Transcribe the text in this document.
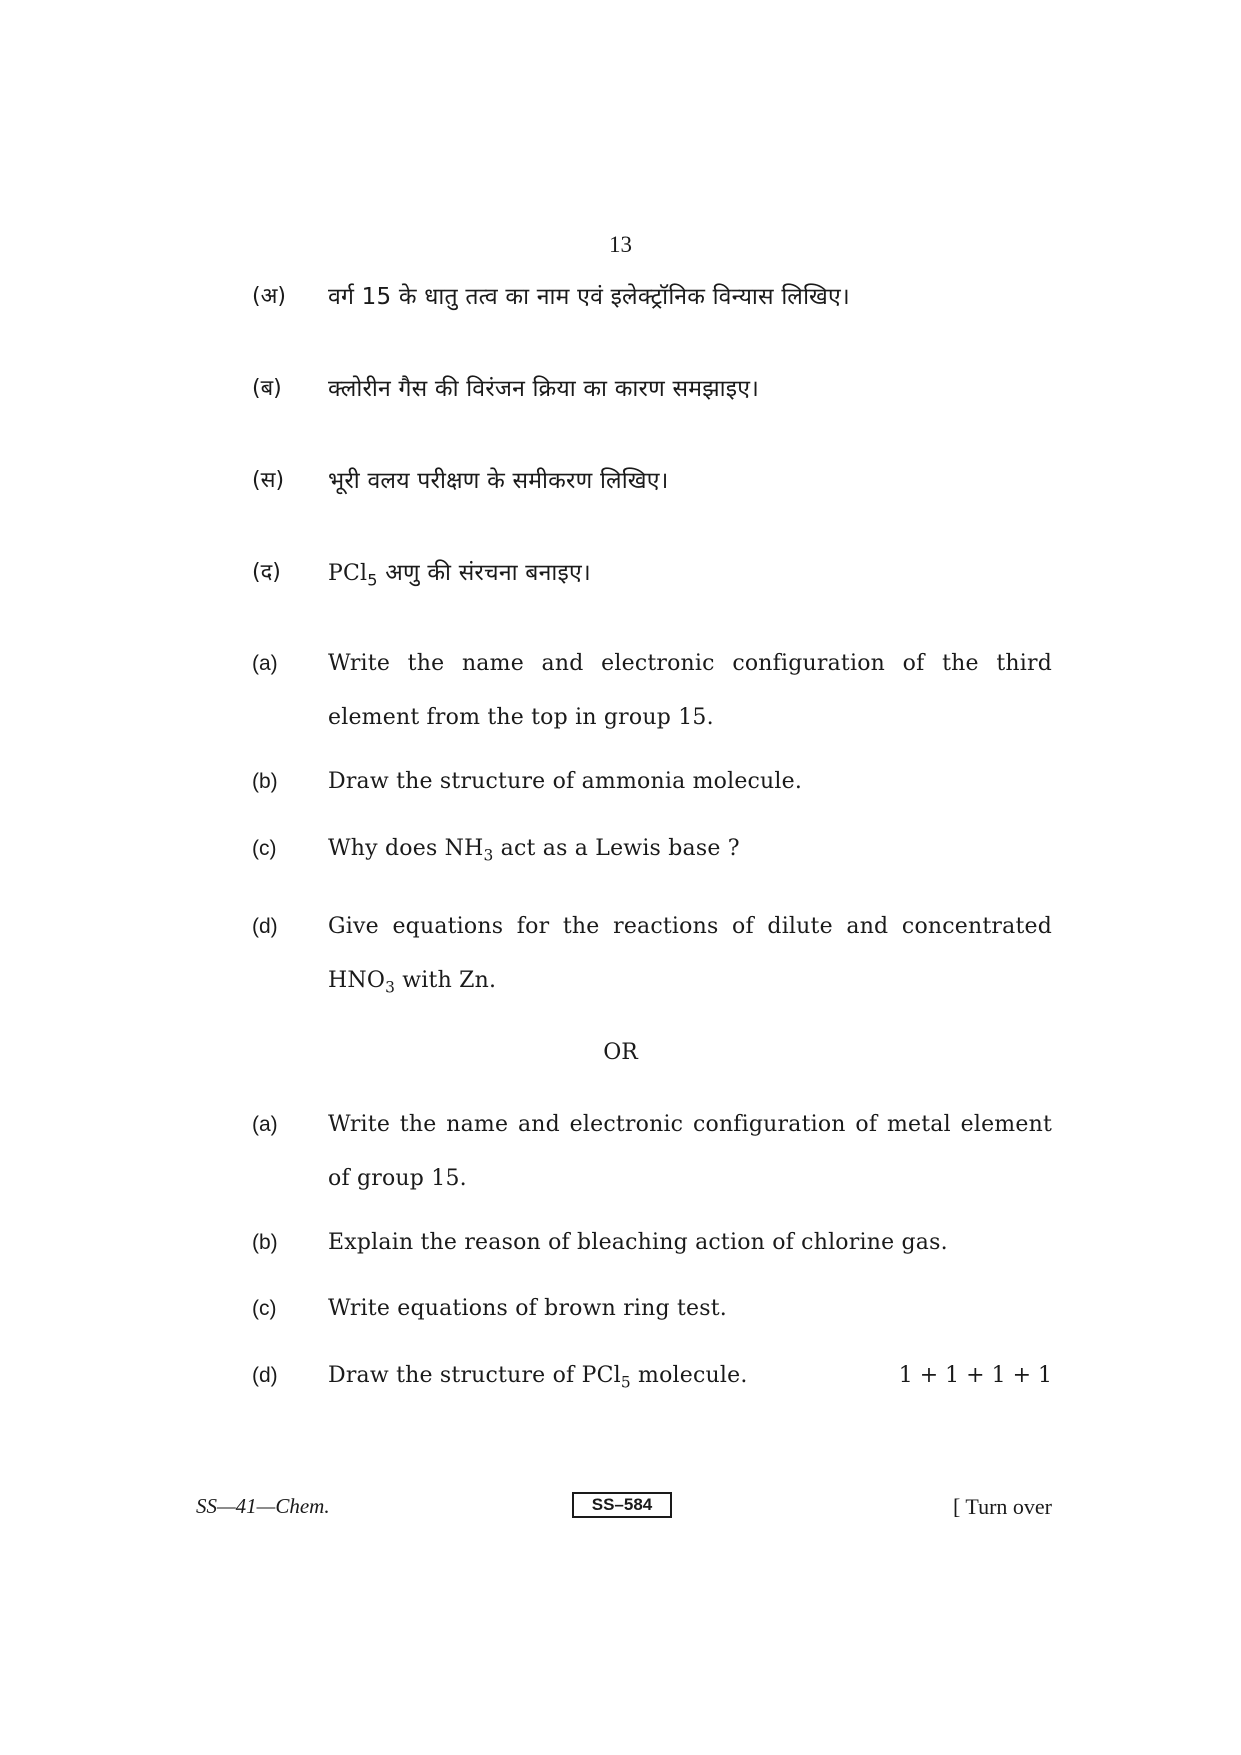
13
(अ) वर्ग 15 के धातु तत्व का नाम एवं इलेक्ट्रॉनिक विन्यास लिखिए।
(ब) क्लोरीन गैस की विरंजन क्रिया का कारण समझाइए।
(स) भूरी वलय परीक्षण के समीकरण लिखिए।
(द) PCl$_5$ अणु की संरचना बनाइए।
(a) Write the name and electronic configuration of the third element from the top in group 15.
(b) Draw the structure of ammonia molecule.
(c) Why does $NH_3$ act as a Lewis base ?
(d) Give equations for the reactions of dilute and concentrated
$HNO_3$ with Zn.
OR
(a) Write the name and electronic configuration of metal element of group 15.
(b) Explain the reason of bleaching action of chlorine gas.
(c) Write equations of brown ring test.
(d) Draw the structure of PCl$_5$ molecule.	1 + 1 + 1 + 1
SS—41—Chem.	SS–584	[ Turn over
